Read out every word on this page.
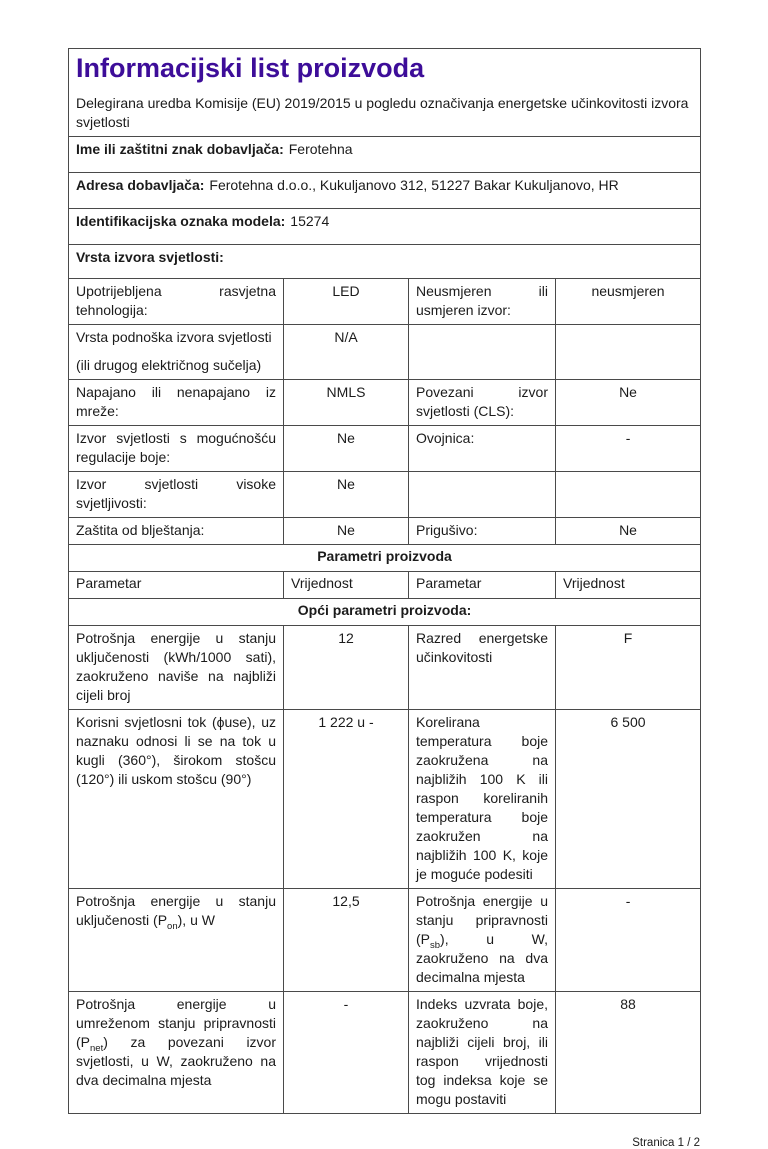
Informacijski list proizvoda

Delegirana uredba Komisije (EU) 2019/2015 u pogledu označivanja energetske učinkovitosti izvora svjetlosti

Ime ili zaštitni znak dobavljača: Ferotehna			
Adresa dobavljača: Ferotehna d.o.o., Kukuljanovo 312, 51227 Bakar Kukuljanovo, HR			
Identifikacijska oznaka modela: 15274			
Vrsta izvora svjetlosti:			
Upotrijebljena rasvjetna tehnologija:	LED	Neusmjeren ili usmjeren izvor:	neusmjeren
Vrsta podnoška izvora svjetlosti
(ili drugog električnog sučelja)	N/A		
Napajano ili nenapajano iz mreže:	NMLS	Povezani izvor svjetlosti (CLS):	Ne
Izvor svjetlosti s mogućnošću regulacije boje:	Ne	Ovojnica:	-
Izvor svjetlosti visoke svjetljivosti:	Ne		
Zaštita od blještanja:	Ne	Prigušivo:	Ne
Parametri proizvoda			
Parametar	Vrijednost	Parametar	Vrijednost
Opći parametri proizvoda:			
Potrošnja energije u stanju uključenosti (kWh/1000 sati), zaokruženo naviše na najbliži cijeli broj	12	Razred energetske učinkovitosti	F
Korisni svjetlosni tok (ϕuse), uz naznaku odnosi li se na tok u kugli (360°), širokom stošcu (120°) ili uskom stošcu (90°)	1 222 u -	Korelirana temperatura boje zaokružena na najbližih 100 K ili raspon koreliranih temperatura boje zaokružen na najbližih 100 K, koje je moguće podesiti	6 500
Potrošnja energije u stanju uključenosti $(P_{on})$, u W	12,5	Potrošnja energije u stanju pripravnosti $(P_{sb})$, u W, zaokruženo na dva decimalna mjesta	-
Potrošnja energije u umreženom stanju pripravnosti $(P_{net})$ za povezani izvor svjetlosti, u W, zaokruženo na dva decimalna mjesta	-	Indeks uzvrata boje, zaokruženo na najbliži cijeli broj, ili raspon vrijednosti tog indeksa koje se mogu postaviti	88
Stranica 1 / 2
